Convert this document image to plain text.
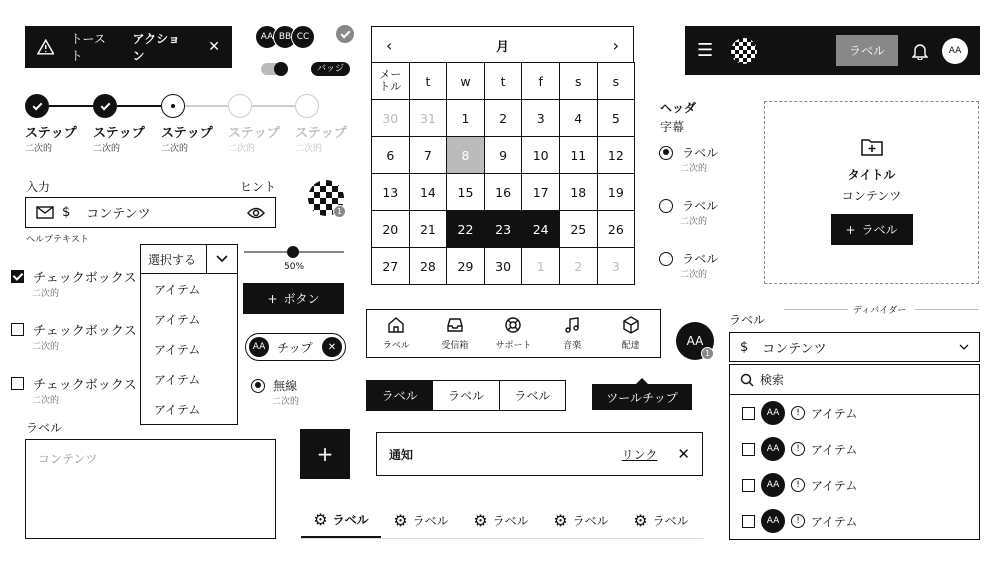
トースト
アクション
✕
AA BB CC
バッジ
ステップ
二次的
ステップ
二次的
ステップ
二次的
ステップ
二次的
ステップ
二次的
入力	ヒント
$ コンテンツ
ヘルプテキスト
1
チェックボックス
二次的
チェックボックス
二次的
チェックボックス
二次的
選択する
アイテム
アイテム
アイテム
アイテム
アイテム
50%
+ ボタン
AA チップ	✕
無線
二次的
ラベル
コンテンツ	+
‹	月	›
メートル	t	w	t	f	s	s
30	31	1	2	3	4	5
6	7	8	9	10	11	12
13	14	15	16	17	18	19
20	21	22	23	24	25	26
27	28	29	30	1	2	3
ラベル	受信箱	サポート	音楽	配達	AA
1
ラベル	ラベル	ラベル	ツールチップ
通知	リンク ✕
⚙ ラベル ⚙ ラベル ⚙ ラベル ⚙ ラベル ⚙ ラベル
☰	ラベル	AA
ヘッダ
字幕
ラベル
二次的
ラベル
二次的
ラベル
二次的
タイトル
コンテンツ
+ ラベル
ディバイダー
ラベル
$ コンテンツ
検索
AA	! アイテム
AA	! アイテム
AA	! アイテム
AA	! アイテム
